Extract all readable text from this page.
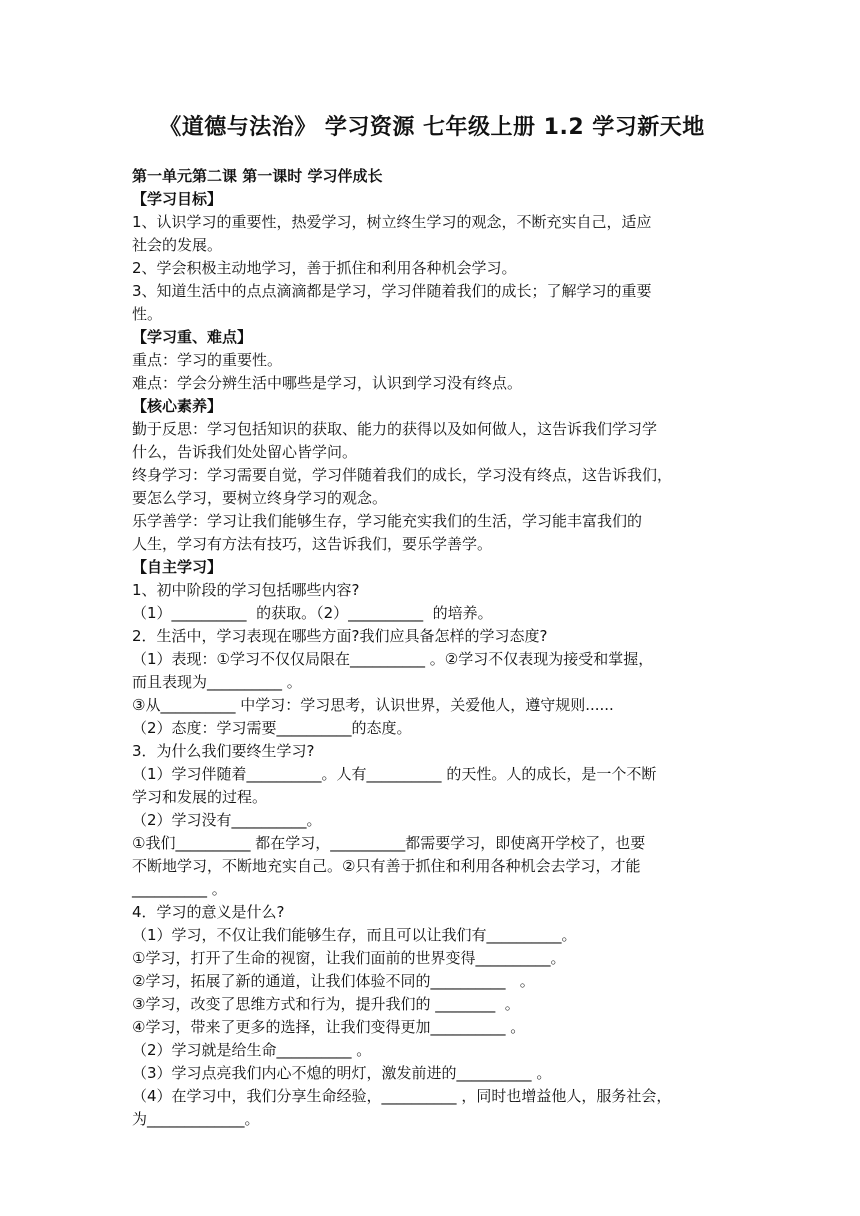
《道德与法治》 学习资源 七年级上册 1.2 学习新天地
第一单元第二课 第一课时 学习伴成长
【学习目标】
1、认识学习的重要性，热爱学习，树立终生学习的观念，不断充实自己，适应
社会的发展。
2、学会积极主动地学习，善于抓住和利用各种机会学习。
3、知道生活中的点点滴滴都是学习，学习伴随着我们的成长；了解学习的重要
性。
【学习重、难点】
重点：学习的重要性。
难点：学会分辨生活中哪些是学习，认识到学习没有终点。
【核心素养】
勤于反思：学习包括知识的获取、能力的获得以及如何做人，这告诉我们学习学
什么，告诉我们处处留心皆学问。
终身学习：学习需要自觉，学习伴随着我们的成长，学习没有终点，这告诉我们，
要怎么学习，要树立终身学习的观念。
乐学善学：学习让我们能够生存，学习能充实我们的生活，学习能丰富我们的
人生，学习有方法有技巧，这告诉我们，要乐学善学。
【自主学习】
1、初中阶段的学习包括哪些内容?
（1）__________  的获取。（2）__________  的培养。
2．生活中，学习表现在哪些方面?我们应具备怎样的学习态度?
（1）表现：①学习不仅仅局限在__________ 。②学习不仅表现为接受和掌握，
而且表现为__________ 。
③从__________ 中学习：学习思考，认识世界，关爱他人，遵守规则......
（2）态度：学习需要__________的态度。
3．为什么我们要终生学习?
（1）学习伴随着__________。人有__________ 的天性。人的成长，是一个不断
学习和发展的过程。
（2）学习没有__________。
①我们__________ 都在学习，__________都需要学习，即使离开学校了，也要
不断地学习，不断地充实自己。②只有善于抓住和利用各种机会去学习，才能
__________ 。
4．学习的意义是什么?
（1）学习，不仅让我们能够生存，而且可以让我们有__________。
①学习，打开了生命的视窗，让我们面前的世界变得__________。
②学习，拓展了新的通道，让我们体验不同的__________   。
③学习，改变了思维方式和行为，提升我们的 ________  。
④学习，带来了更多的选择，让我们变得更加__________ 。
（2）学习就是给生命__________ 。
（3）学习点亮我们内心不熄的明灯，激发前进的__________ 。
（4）在学习中，我们分享生命经验，__________ ，同时也增益他人，服务社会，
为_____________。
